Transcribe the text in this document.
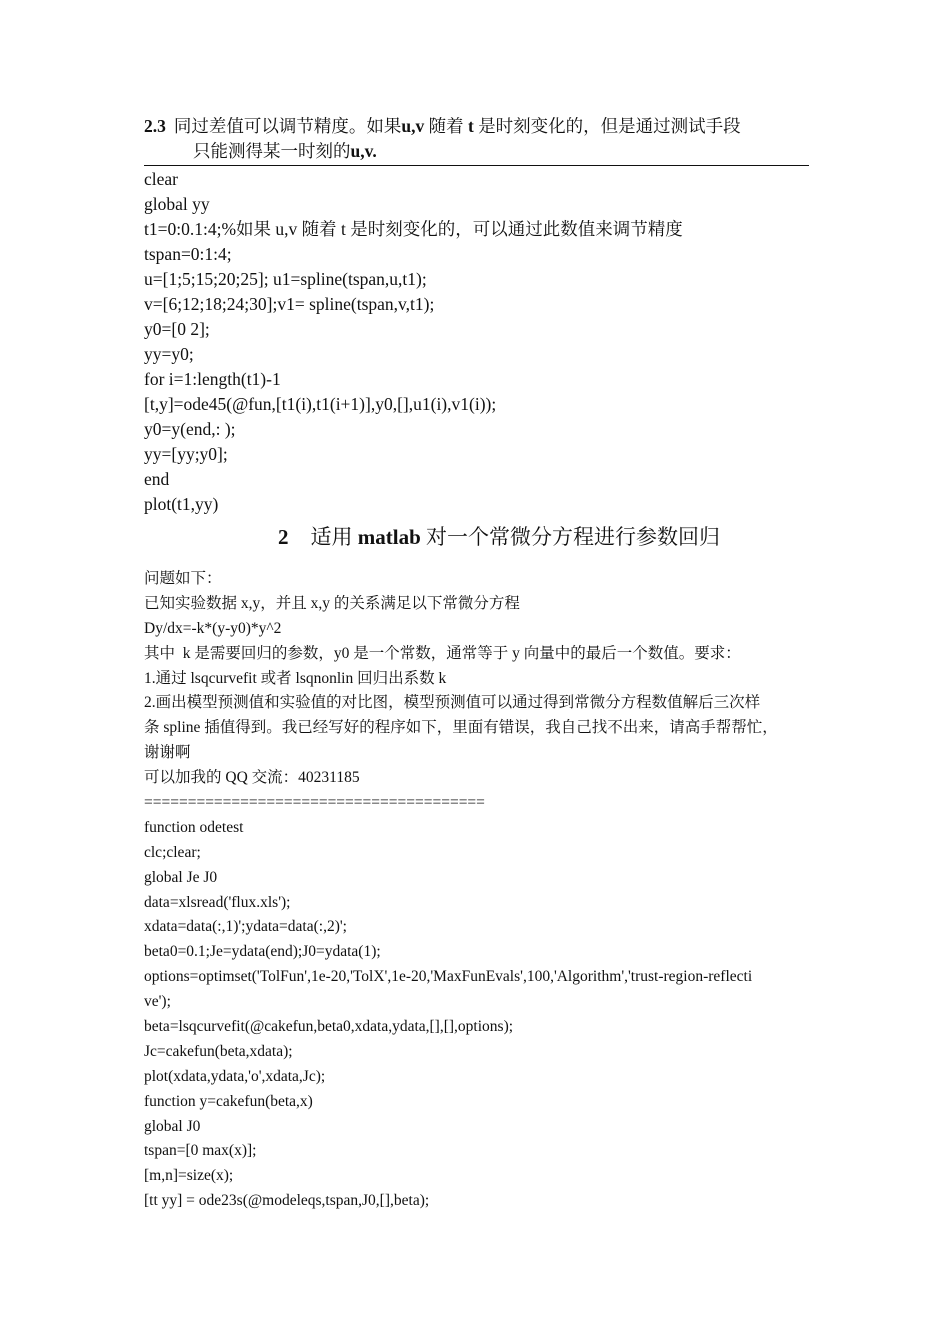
2.3 同过差值可以调节精度。如果u,v 随着 t 是时刻变化的，但是通过测试手段
只能测得某一时刻的u,v.
clear
global yy
t1=0:0.1:4;%如果 u,v 随着 t 是时刻变化的，可以通过此数值来调节精度
tspan=0:1:4;
u=[1;5;15;20;25]; u1=spline(tspan,u,t1);
v=[6;12;18;24;30];v1= spline(tspan,v,t1);
y0=[0 2];
yy=y0;
for i=1:length(t1)-1
[t,y]=ode45(@fun,[t1(i),t1(i+1)],y0,[],u1(i),v1(i));
y0=y(end,: );
yy=[yy;y0];
end
plot(t1,yy)
2 适用 matlab 对一个常微分方程进行参数回归
问题如下：
已知实验数据 x,y，并且 x,y 的关系满足以下常微分方程
Dy/dx=-k*(y-y0)*y^2
其中  k 是需要回归的参数，y0 是一个常数，通常等于 y 向量中的最后一个数值。要求：
1.通过 lsqcurvefit 或者 lsqnonlin 回归出系数 k
2.画出模型预测值和实验值的对比图，模型预测值可以通过得到常微分方程数值解后三次样
条 spline 插值得到。我已经写好的程序如下，里面有错误，我自己找不出来，请高手帮帮忙，
谢谢啊
可以加我的 QQ 交流：40231185
=======================================
function odetest
clc;clear;
global Je J0
data=xlsread('flux.xls');
xdata=data(:,1)';ydata=data(:,2)';
beta0=0.1;Je=ydata(end);J0=ydata(1);
options=optimset('TolFun',1e-20,'TolX',1e-20,'MaxFunEvals',100,'Algorithm','trust-region-reflecti
ve');
beta=lsqcurvefit(@cakefun,beta0,xdata,ydata,[],[],options);
Jc=cakefun(beta,xdata);
plot(xdata,ydata,'o',xdata,Jc);
function y=cakefun(beta,x)
global J0
tspan=[0 max(x)];
[m,n]=size(x);
[tt yy] = ode23s(@modeleqs,tspan,J0,[],beta);
